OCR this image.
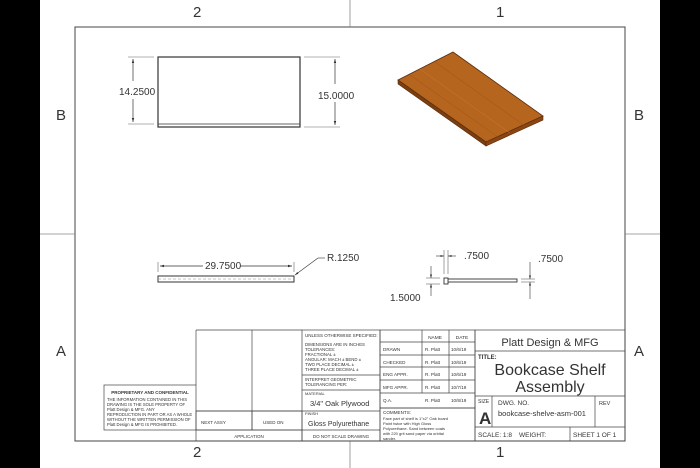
2	1
2	1
B	B
A	A
14.2500	15.0000
29.7500
R.1250	.7500	.7500
1.5000
PROPRIETARY AND CONFIDENTIAL
THE INFORMATION CONTAINED IN THIS
DRAWING IS THE SOLE PROPERTY OF
Platt Design & MFG. ANY
REPRODUCTION IN PART OR AS A WHOLE
WITHOUT THE WRITTEN PERMISSION OF
Platt Design & MFG IS PROHIBITED.	NEXT ASSY	USED ON
APPLICATION
UNLESS OTHERWISE SPECIFIED:
DIMENSIONS ARE IN INCHES
TOLERANCES:
FRACTIONAL ±
ANGULAR: MACH ± BEND ±
TWO PLACE DECIMAL ±
THREE PLACE DECIMAL ±
INTERPRET GEOMETRIC
TOLERANCING PER:
MATERIAL
3/4" Oak Plywood
FINISH
Gloss Polyurethane
DO NOT SCALE DRAWING
NAME	DATE
DRAWN	R. Platt 10/6/19
CHECKED	R. Platt 10/6/19
ENG APPR.	R. Platt 10/6/19
MFG APPR.	R. Platt 10/7/19
Q.A.	R. Platt 10/8/19
COMMENTS:
Face part of shelf is 1"x2" Oak board
Paint twice with High Gloss
Polyurethane. Sand between coats
with 220 grit sand paper via orbital
sander.
Platt Design & MFG
TITLE:
Bookcase Shelf
Assembly
SIZE
A
DWG. NO.
bookcase-shelve-asm-001
REV
SCALE: 1:8 WEIGHT:	SHEET 1 OF 1
